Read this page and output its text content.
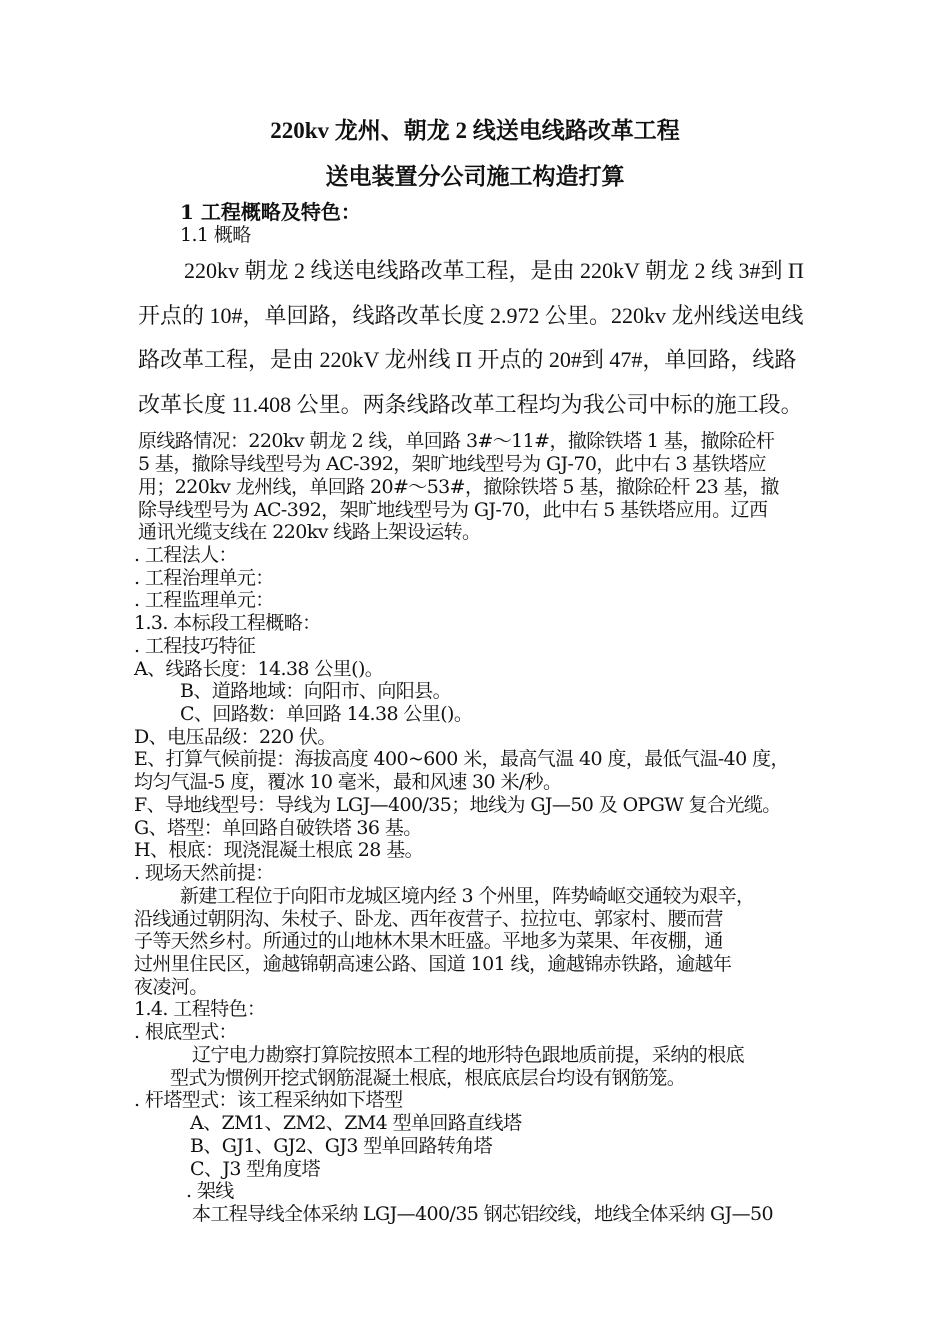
220kv 龙州、朝龙 2 线送电线路改革工程

送电装置分公司施工构造打算

1 工程概略及特色：

1.1 概略

220kv 朝龙 2 线送电线路改革工程，是由 220kV 朝龙 2 线 3#到 Π

开点的 10#，单回路，线路改革长度 2.972 公里。220kv 龙州线送电线

路改革工程，是由 220kV 龙州线 Π 开点的 20#到 47#，单回路，线路

改革长度 11.408 公里。两条线路改革工程均为我公司中标的施工段。

原线路情况：220kv 朝龙 2 线，单回路 3#～11#，撤除铁塔 1 基，撤除砼杆

5 基，撤除导线型号为 AC-392，架旷地线型号为 GJ-70，此中右 3 基铁塔应

用；220kv 龙州线，单回路 20#～53#，撤除铁塔 5 基，撤除砼杆 23 基，撤

除导线型号为 AC-392，架旷地线型号为 GJ-70，此中右 5 基铁塔应用。辽西

通讯光缆支线在 220kv 线路上架设运转。

. 工程法人：

. 工程治理单元：

. 工程监理单元：

1.3. 本标段工程概略：

. 工程技巧特征

A、线路长度：14.38 公里()。

B、道路地域：向阳市、向阳县。

C、回路数：单回路 14.38 公里()。

D、电压品级：220 伏。

E、打算气候前提：海拔高度 400~600 米，最高气温 40 度，最低气温-40 度，

均匀气温-5 度，覆冰 10 毫米，最和风速 30 米/秒。

F、导地线型号：导线为 LGJ—400/35；地线为 GJ—50 及 OPGW 复合光缆。

G、塔型：单回路自破铁塔 36 基。

H、根底：现浇混凝土根底 28 基。

. 现场天然前提：

新建工程位于向阳市龙城区境内经 3 个州里，阵势崎岖交通较为艰辛，

沿线通过朝阴沟、朱杖子、卧龙、西年夜营子、拉拉屯、郭家村、腰而营

子等天然乡村。所通过的山地林木果木旺盛。平地多为菜果、年夜棚，通

过州里住民区，逾越锦朝高速公路、国道 101 线，逾越锦赤铁路，逾越年

夜凌河。

1.4. 工程特色：

. 根底型式：

辽宁电力勘察打算院按照本工程的地形特色跟地质前提，采纳的根底

型式为惯例开挖式钢筋混凝土根底，根底底层台均设有钢筋笼。

. 杆塔型式：该工程采纳如下塔型

A、ZM1、ZM2、ZM4 型单回路直线塔

B、GJ1、GJ2、GJ3 型单回路转角塔

C、J3 型角度塔

. 架线

本工程导线全体采纳 LGJ—400/35 钢芯铝绞线，地线全体采纳 GJ—50
